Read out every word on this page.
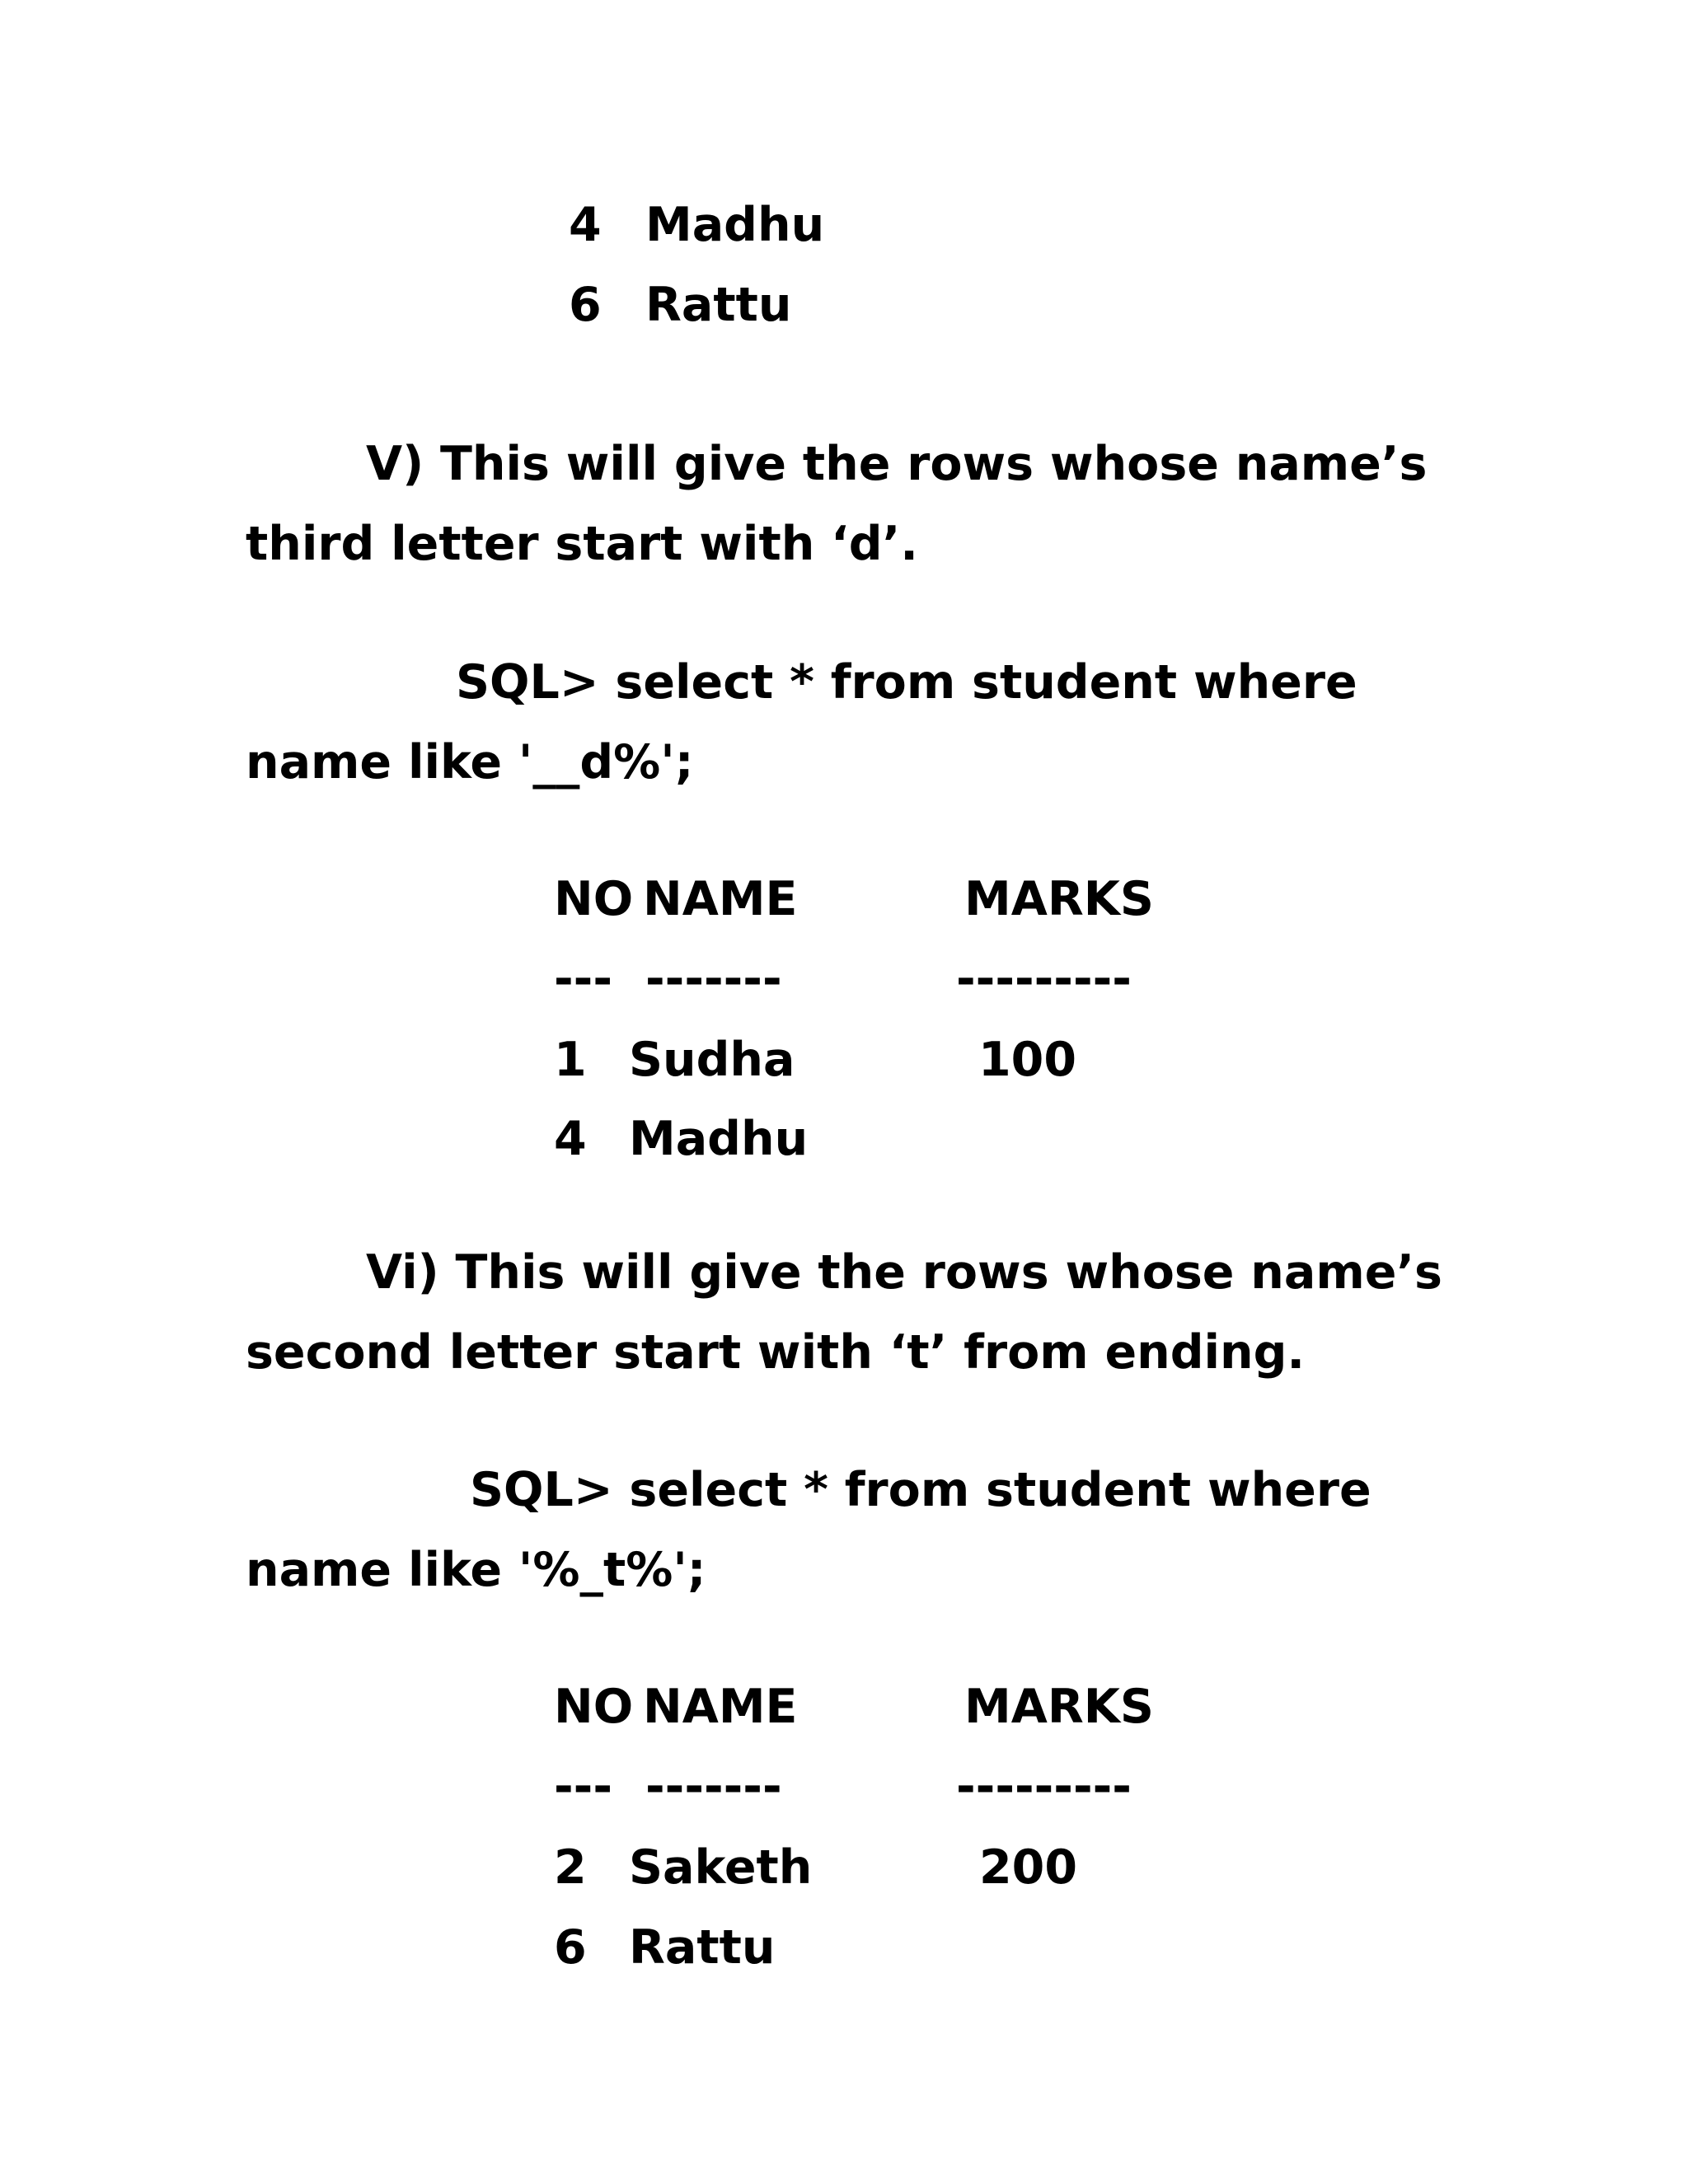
4 Madhu
6 Rattu
V) This will give the rows whose name’s
third letter start with ‘d’.
SQL> select * from student where
name like '__d%';
NO NAME	MARKS
--- -------	---------
1 Sudha	100
4 Madhu
Vi) This will give the rows whose name’s
second letter start with ‘t’ from ending.
SQL> select * from student where
name like '%_t%';
NO NAME	MARKS
--- -------	---------
2 Saketh	200
6 Rattu
